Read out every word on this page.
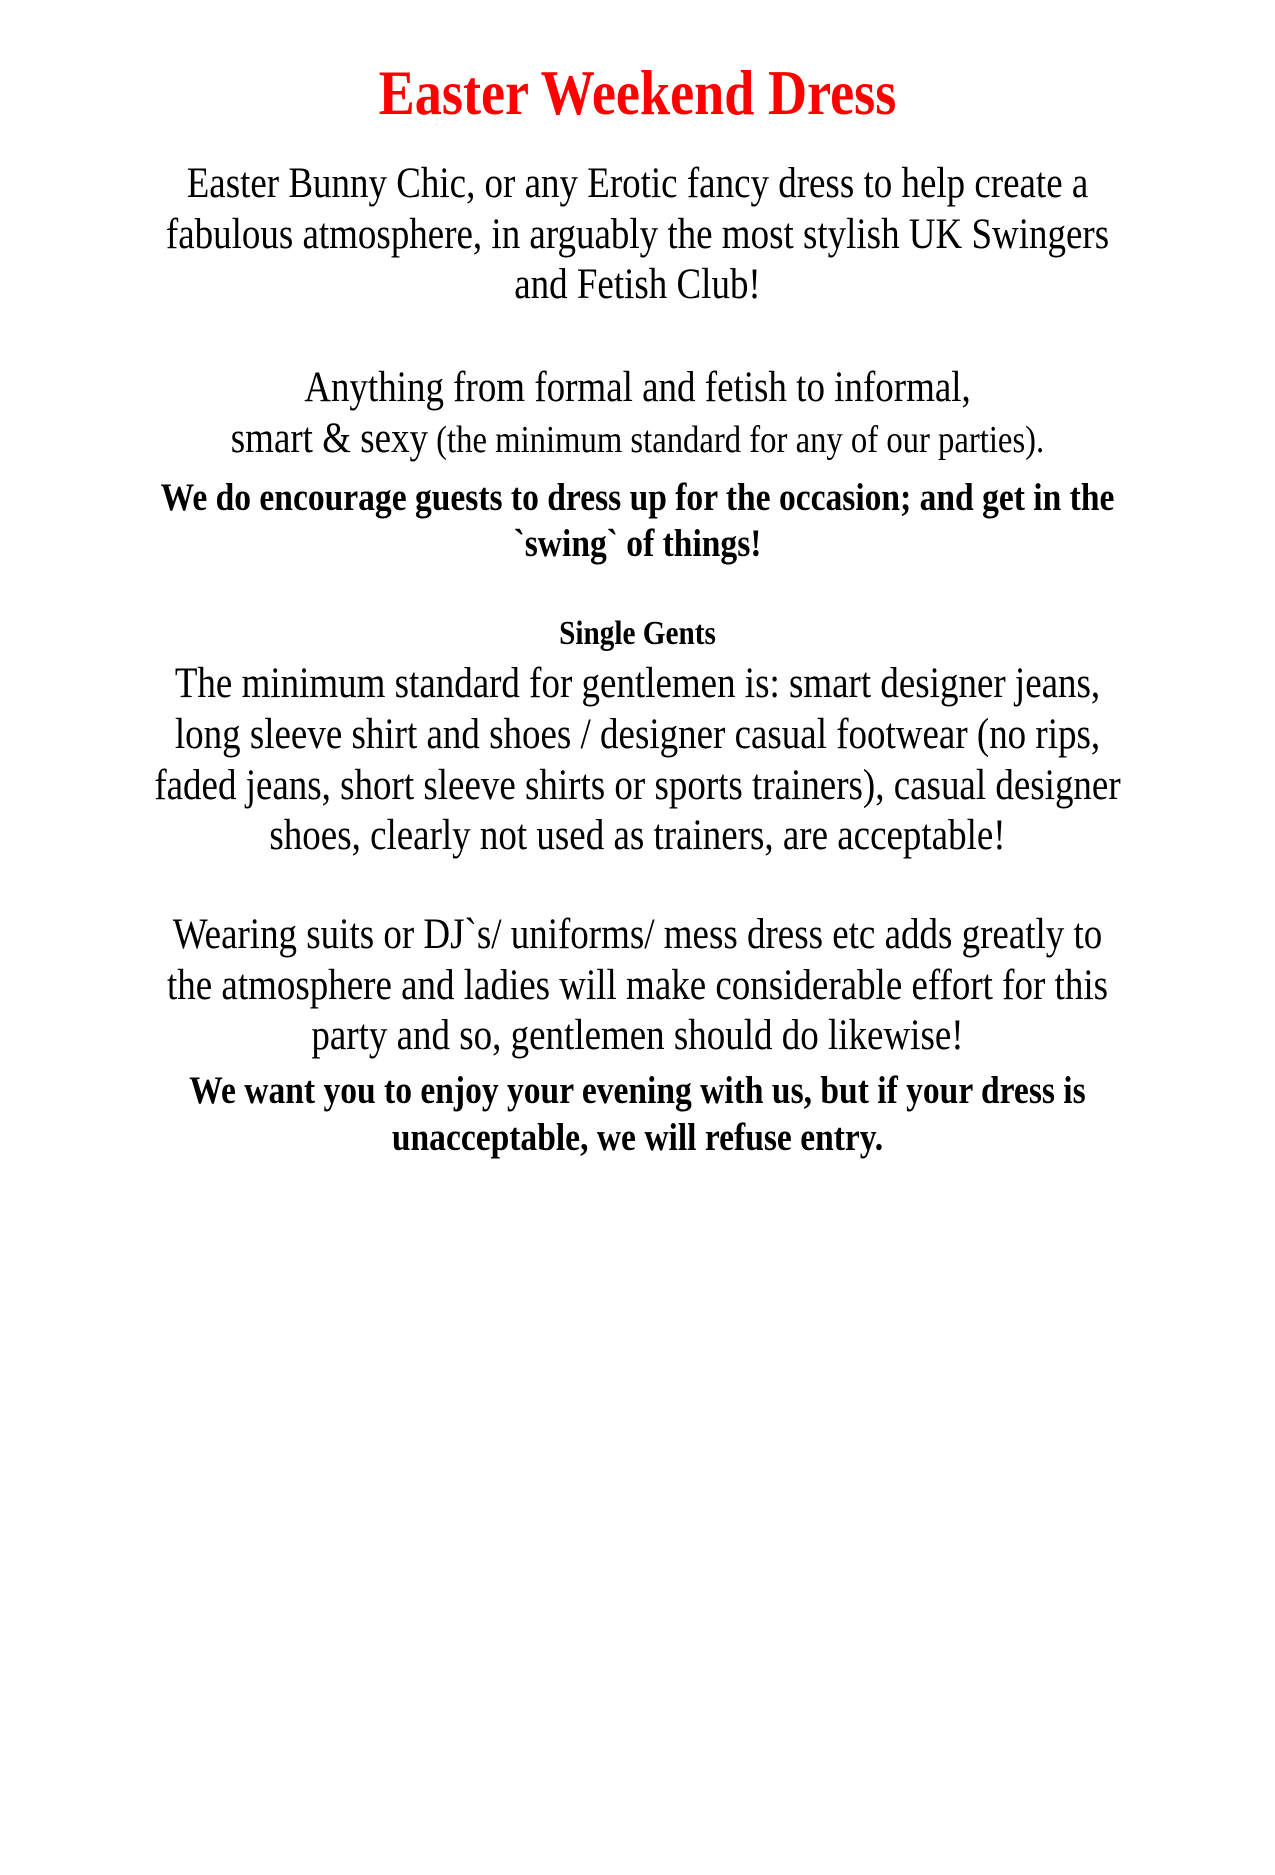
Easter Weekend Dress

Easter Bunny Chic, or any Erotic fancy dress to help create a fabulous atmosphere, in arguably the most stylish UK Swingers and Fetish Club!

Anything from formal and fetish to informal,

smart & sexy (the minimum standard for any of our parties).

We do encourage guests to dress up for the occasion; and get in the `swing` of things!

Single Gents

The minimum standard for gentlemen is: smart designer jeans, long sleeve shirt and shoes / designer casual footwear (no rips, faded jeans, short sleeve shirts or sports trainers), casual designer shoes, clearly not used as trainers, are acceptable!

Wearing suits or DJ`s/ uniforms/ mess dress etc adds greatly to the atmosphere and ladies will make considerable effort for this party and so, gentlemen should do likewise!

We want you to enjoy your evening with us, but if your dress is unacceptable, we will refuse entry.
